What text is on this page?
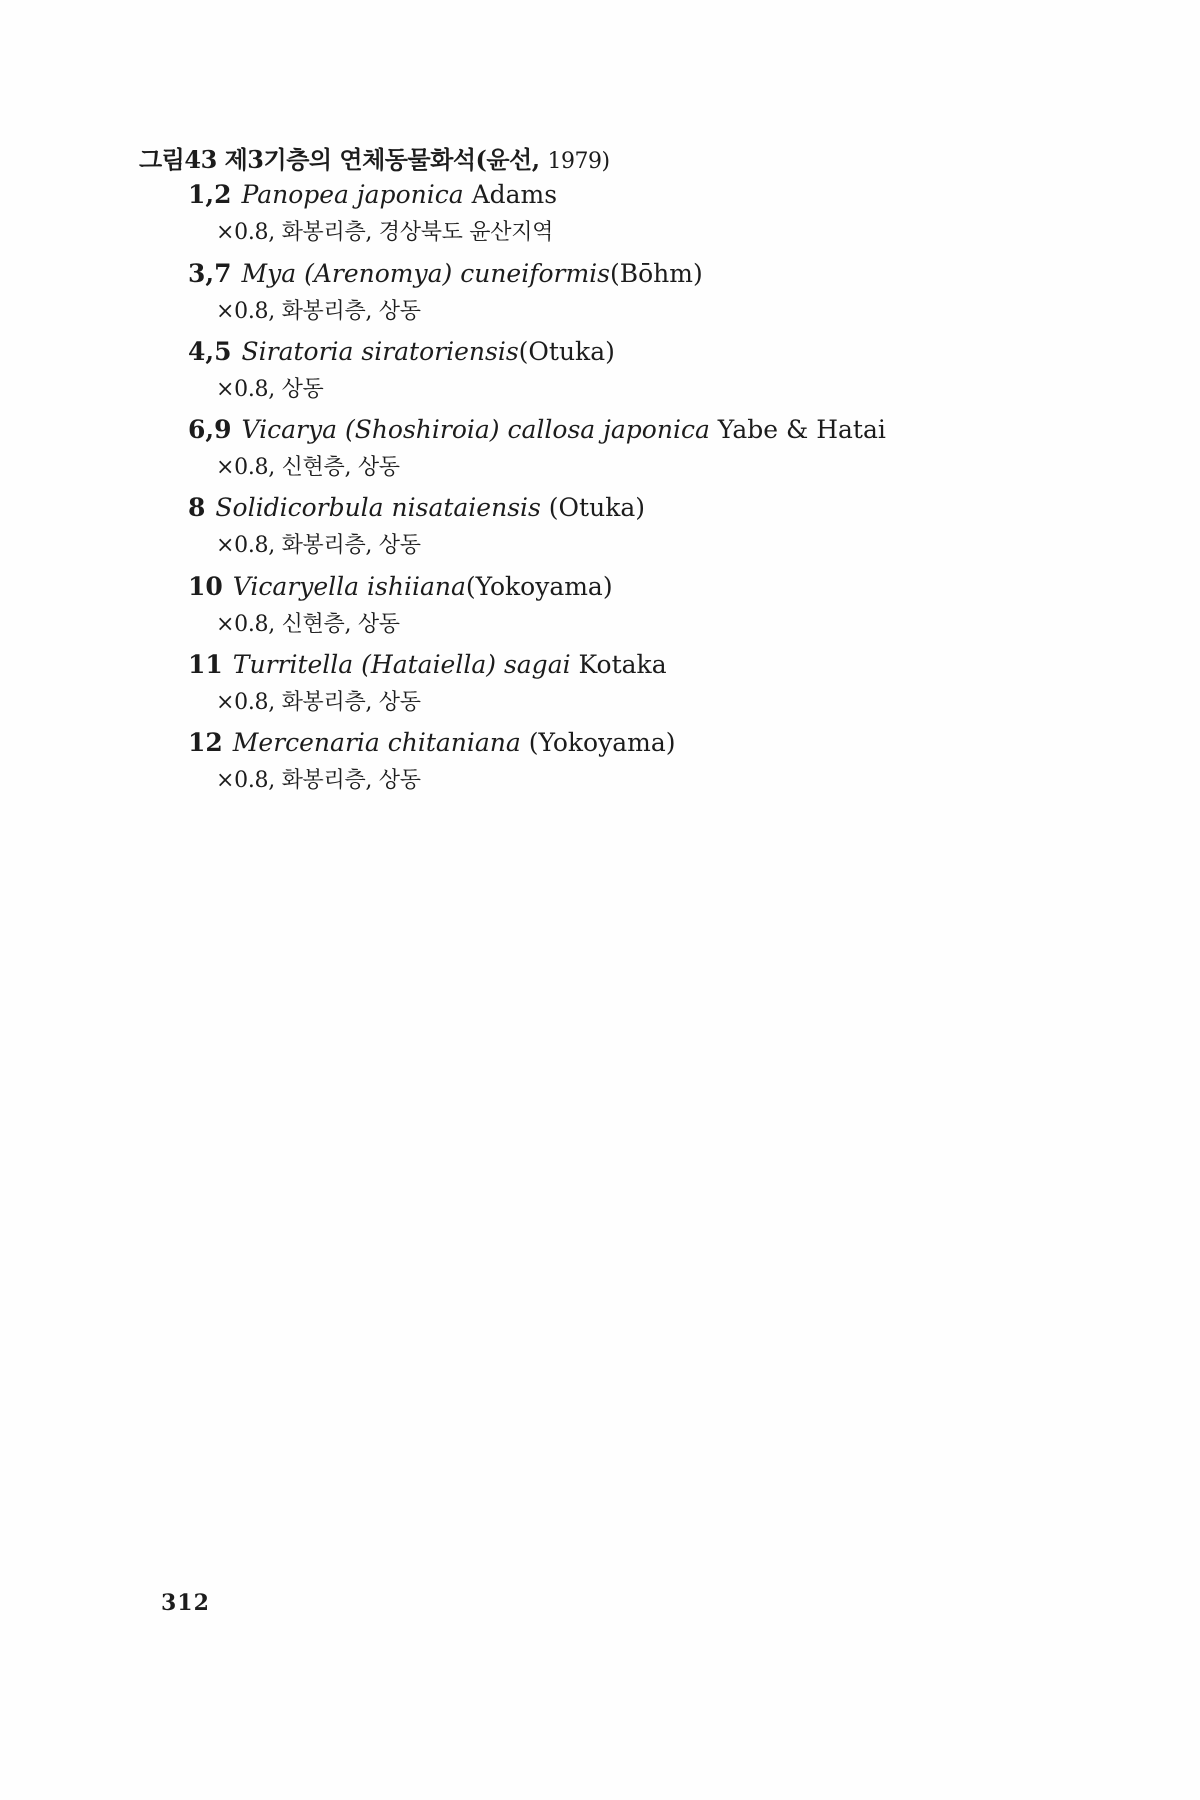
그림43 제3기층의 연체동물화석(윤선, 1979)
1,2 Panopea japonica Adams
×0.8, 화봉리층, 경상북도 윤산지역
3,7 Mya (Arenomya) cuneiformis(Bōhm)
×0.8, 화봉리층, 상동
4,5 Siratoria siratoriensis(Otuka)
×0.8, 상동
6,9 Vicarya (Shoshiroia) callosa japonica Yabe & Hatai
×0.8, 신현층, 상동
8 Solidicorbula nisataiensis (Otuka)
×0.8, 화봉리층, 상동
10 Vicaryella ishiiana(Yokoyama)
×0.8, 신현층, 상동
11 Turritella (Hataiella) sagai Kotaka
×0.8, 화봉리층, 상동
12 Mercenaria chitaniana (Yokoyama)
×0.8, 화봉리층, 상동
312
